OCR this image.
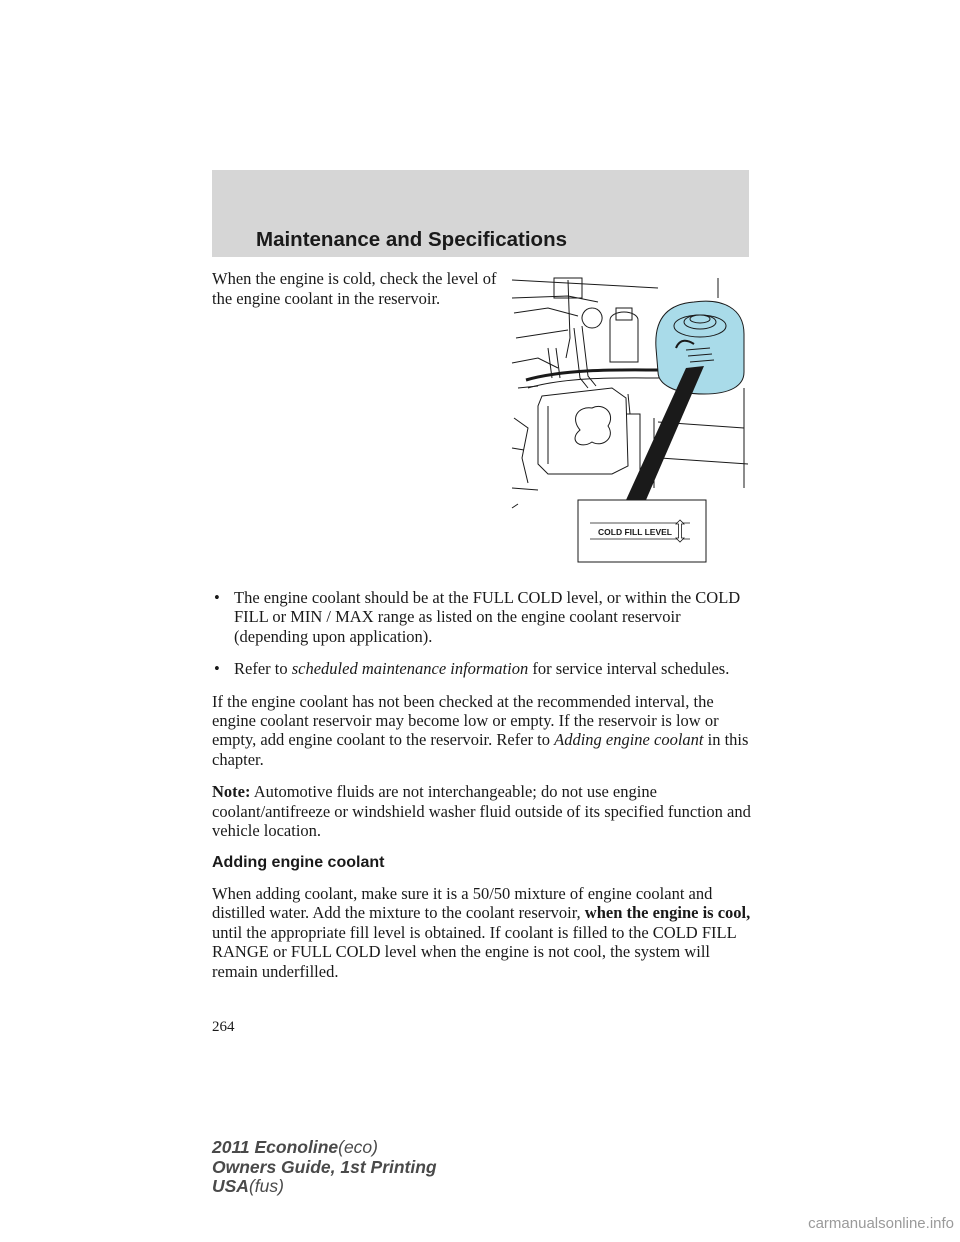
Maintenance and Specifications
When the engine is cold, check the level of the engine coolant in the reservoir.
COLD FILL LEVEL
• The engine coolant should be at the FULL COLD level, or within the COLD FILL or MIN / MAX range as listed on the engine coolant reservoir (depending upon application).
• Refer to scheduled maintenance information for service interval schedules.

If the engine coolant has not been checked at the recommended interval, the engine coolant reservoir may become low or empty. If the reservoir is low or empty, add engine coolant to the reservoir. Refer to Adding engine coolant in this chapter.

Note: Automotive fluids are not interchangeable; do not use engine coolant/antifreeze or windshield washer fluid outside of its specified function and vehicle location.

Adding engine coolant

When adding coolant, make sure it is a 50/50 mixture of engine coolant and distilled water. Add the mixture to the coolant reservoir, when the engine is cool, until the appropriate fill level is obtained. If coolant is filled to the COLD FILL RANGE or FULL COLD level when the engine is not cool, the system will remain underfilled.

264
2011 Econoline(eco)
Owners Guide, 1st Printing
USA(fus)
carmanualsonline.info
